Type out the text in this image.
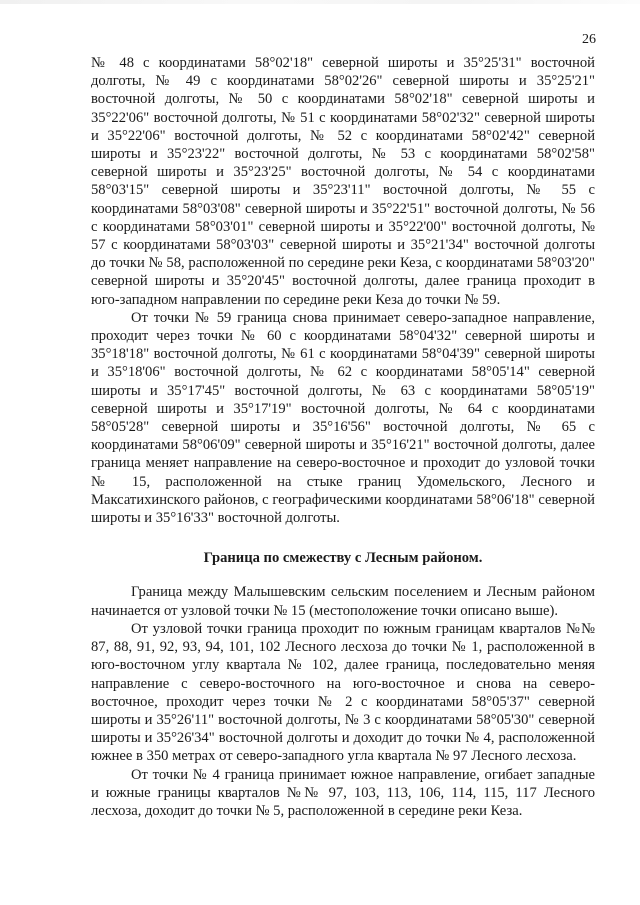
26

№ 48 с координатами 58°02'18" северной широты и 35°25'31" восточной долготы, № 49 с координатами 58°02'26" северной широты и 35°25'21" восточной долготы, № 50 с координатами 58°02'18" северной широты и 35°22'06" восточной долготы, № 51 с координатами 58°02'32" северной широты и 35°22'06" восточной долготы, № 52 с координатами 58°02'42" северной широты и 35°23'22" восточной долготы, № 53 с координатами 58°02'58" северной широты и 35°23'25" восточной долготы, № 54 с координатами 58°03'15" северной широты и 35°23'11" восточной долготы, № 55 с координатами 58°03'08" северной широты и 35°22'51" восточной долготы, № 56 с координатами 58°03'01" северной широты и 35°22'00" восточной долготы, № 57 с координатами 58°03'03" северной широты и 35°21'34" восточной долготы до точки № 58, расположенной по середине реки Кеза, с координатами 58°03'20" северной широты и 35°20'45" восточной долготы, далее граница проходит в юго-западном направлении по середине реки Кеза до точки № 59.

От точки № 59 граница снова принимает северо-западное направление, проходит через точки № 60 с координатами 58°04'32" северной широты и 35°18'18" восточной долготы, № 61 с координатами 58°04'39" северной широты и 35°18'06" восточной долготы, № 62 с координатами 58°05'14" северной широты и 35°17'45" восточной долготы, № 63 с координатами 58°05'19" северной широты и 35°17'19" восточной долготы, № 64 с координатами 58°05'28" северной широты и 35°16'56" восточной долготы, № 65 с координатами 58°06'09" северной широты и 35°16'21" восточной долготы, далее граница меняет направление на северо-восточное и проходит до узловой точки № 15, расположенной на стыке границ Удомельского, Лесного и Максатихинского районов, с географическими координатами 58°06'18" северной широты и 35°16'33" восточной долготы.

Граница по смежеству с Лесным районом.

Граница между Малышевским сельским поселением и Лесным районом начинается от узловой точки № 15 (местоположение точки описано выше).

От узловой точки граница проходит по южным границам кварталов №№ 87, 88, 91, 92, 93, 94, 101, 102 Лесного лесхоза до точки № 1, расположенной в юго-восточном углу квартала № 102, далее граница, последовательно меняя направление с северо-восточного на юго-восточное и снова на северо-восточное, проходит через точки № 2 с координатами 58°05'37" северной широты и 35°26'11" восточной долготы, № 3 с координатами 58°05'30" северной широты и 35°26'34" восточной долготы и доходит до точки № 4, расположенной южнее в 350 метрах от северо-западного угла квартала № 97 Лесного лесхоза.

От точки № 4 граница принимает южное направление, огибает западные и южные границы кварталов №№ 97, 103, 113, 106, 114, 115, 117 Лесного лесхоза, доходит до точки № 5, расположенной в середине реки Кеза.
